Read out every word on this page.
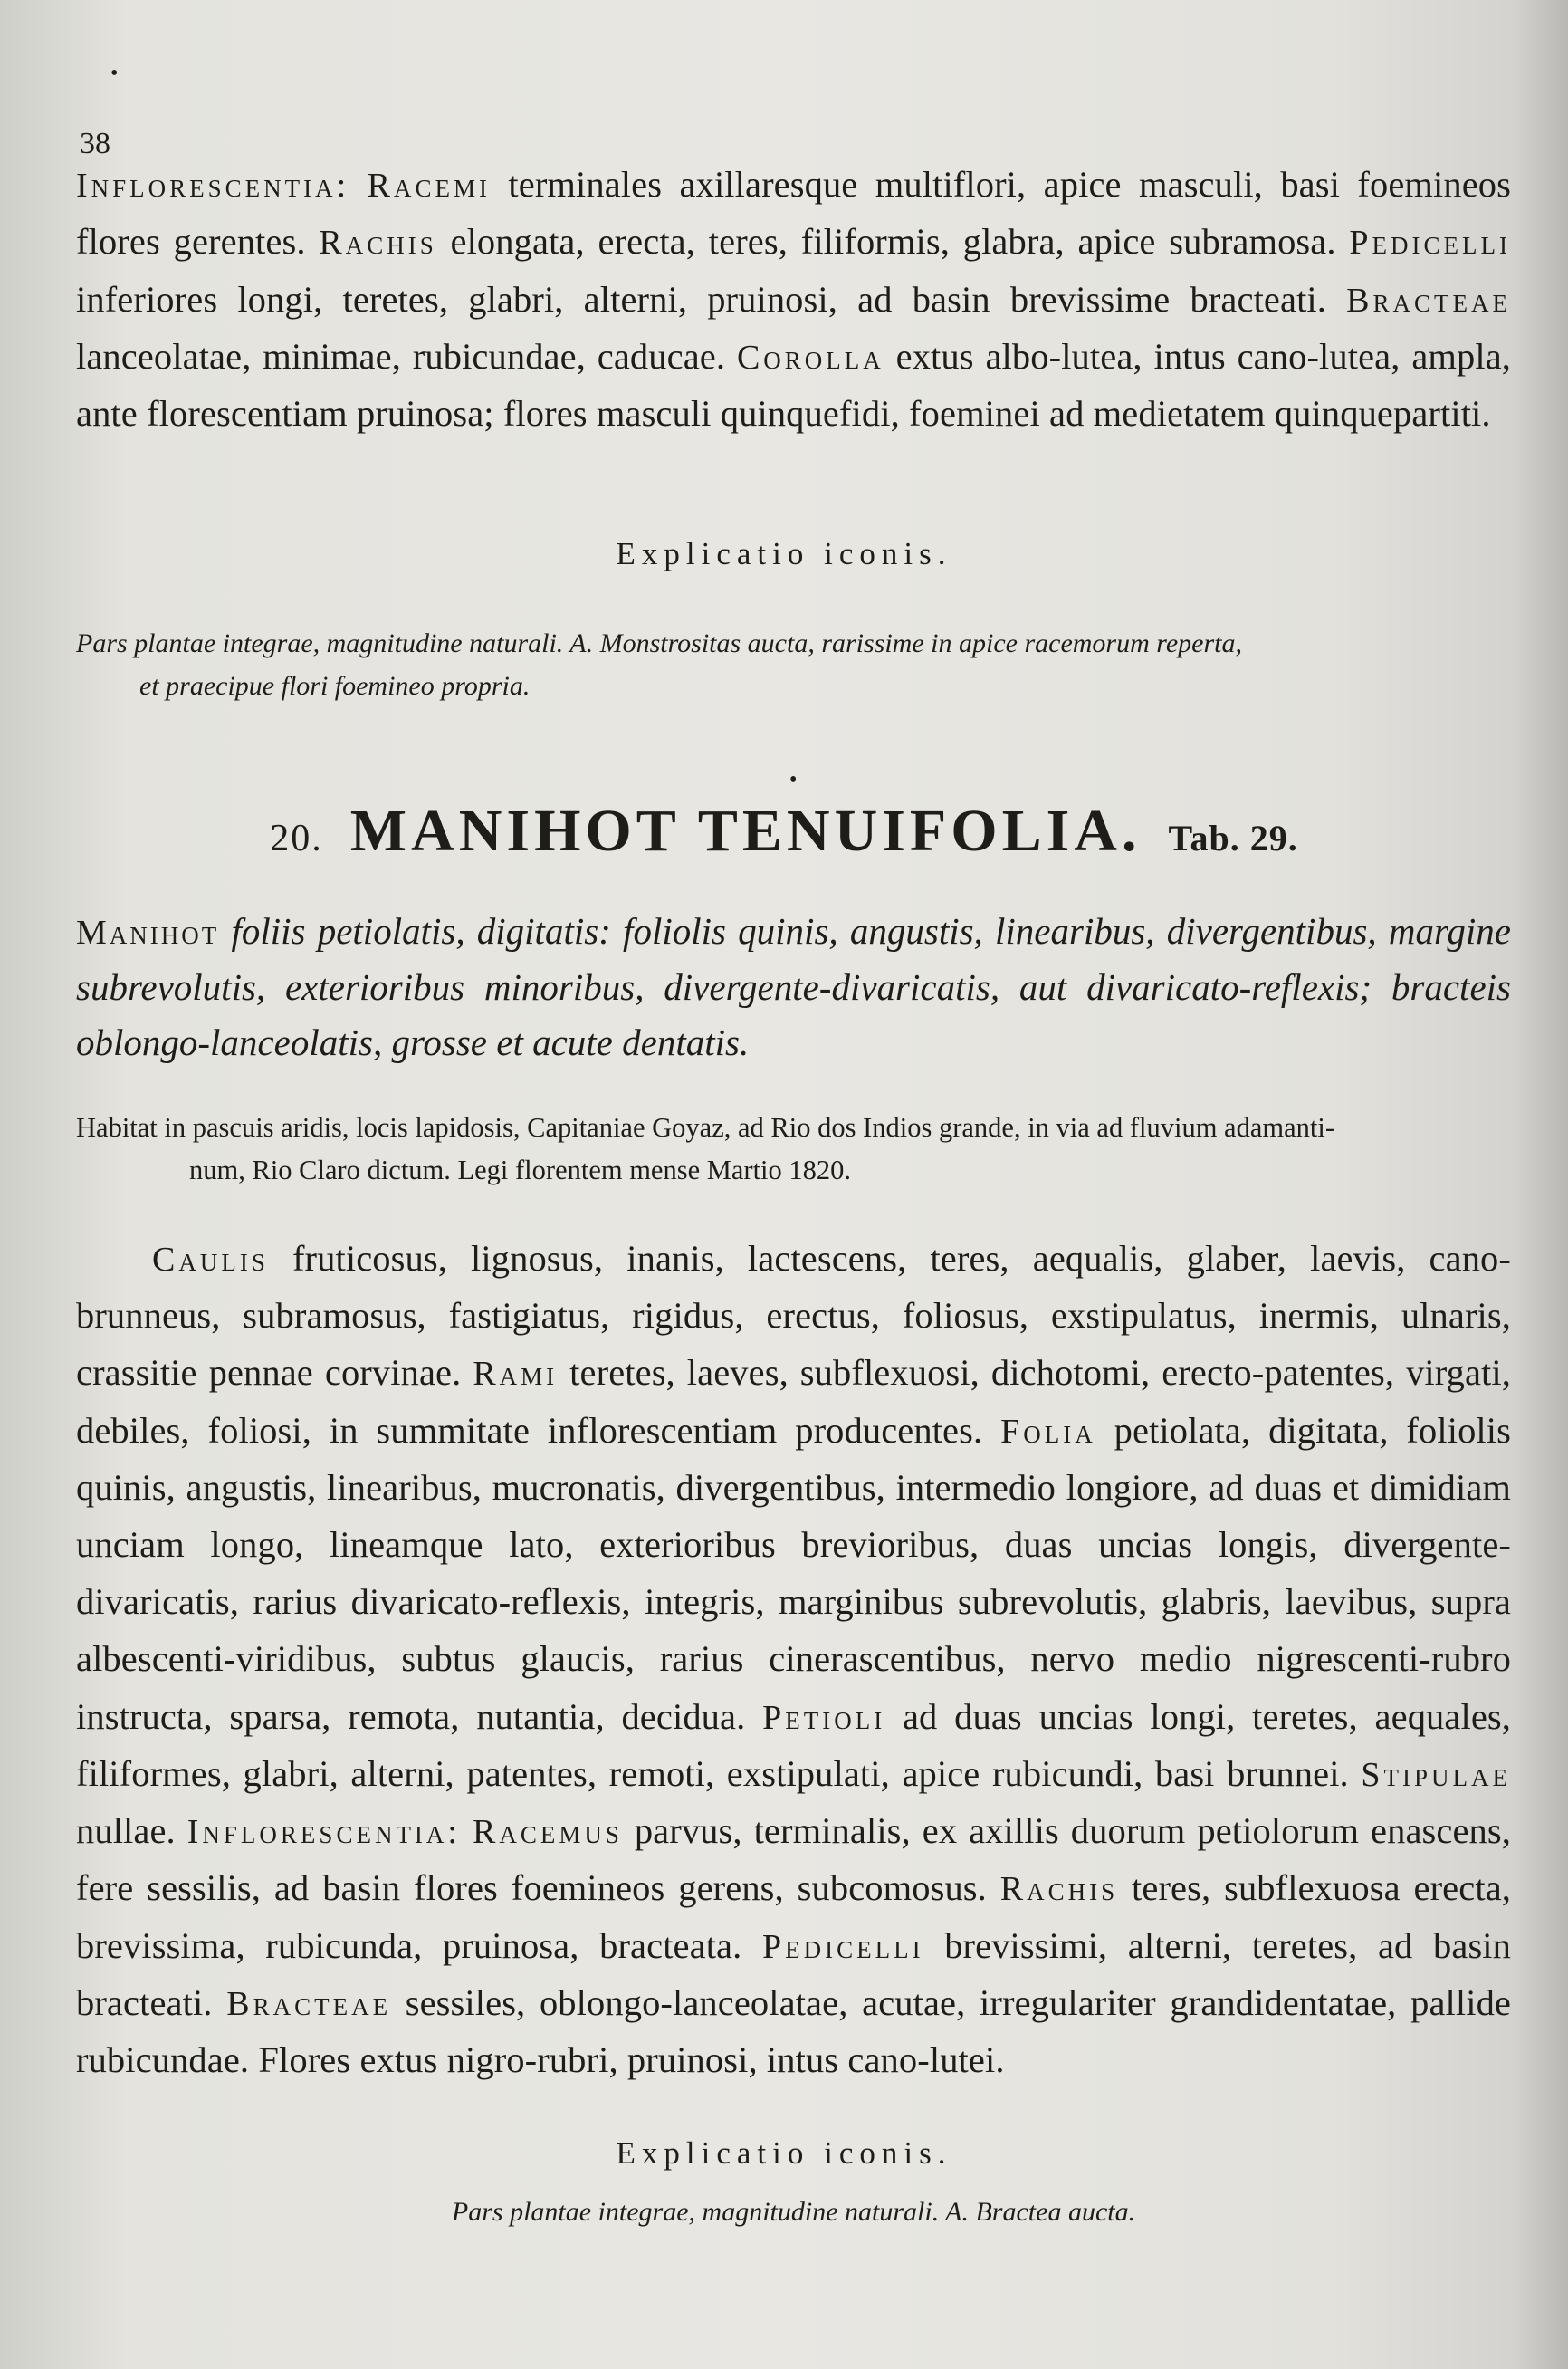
•
38
Inflorescentia: Racemi terminales axillaresque multiflori, apice masculi, basi foemineos flores gerentes. Rachis elongata, erecta, teres, filiformis, glabra, apice subramosa. Pedicelli inferiores longi, teretes, glabri, alterni, pruinosi, ad basin brevissime bracteati. Bracteae lanceolatae, minimae, rubicundae, caducae. Corolla extus albo-lutea, intus cano-lutea, ampla, ante florescentiam pruinosa; flores masculi quinquefidi, foeminei ad medietatem quinquepartiti.
Explicatio iconis.
Pars plantae integrae, magnitudine naturali. A. Monstrositas aucta, rarissime in apice racemorum reperta,
et praecipue flori foemineo propria.
•
20. MANIHOT TENUIFOLIA. Tab. 29.
Manihot foliis petiolatis, digitatis: foliolis quinis, angustis, linearibus, divergentibus, margine subrevolutis, exterioribus minoribus, divergente-divaricatis, aut divaricato-reflexis; bracteis oblongo-lanceolatis, grosse et acute dentatis.
Habitat in pascuis aridis, locis lapidosis, Capitaniae Goyaz, ad Rio dos Indios grande, in via ad fluvium adamanti-
num, Rio Claro dictum. Legi florentem mense Martio 1820.
Caulis fruticosus, lignosus, inanis, lactescens, teres, aequalis, glaber, laevis, cano-brunneus, subramosus, fastigiatus, rigidus, erectus, foliosus, exstipulatus, inermis, ulnaris, crassitie pennae corvinae. Rami teretes, laeves, subflexuosi, dichotomi, erecto-patentes, virgati, debiles, foliosi, in summitate inflorescentiam producentes. Folia petiolata, digitata, foliolis quinis, angustis, linearibus, mucronatis, divergentibus, intermedio longiore, ad duas et dimidiam unciam longo, lineamque lato, exterioribus brevioribus, duas uncias longis, divergente-divaricatis, rarius divaricato-reflexis, integris, marginibus subrevolutis, glabris, laevibus, supra albescenti-viridibus, subtus glaucis, rarius cinerascentibus, nervo medio nigrescenti-rubro instructa, sparsa, remota, nutantia, decidua. Petioli ad duas uncias longi, teretes, aequales, filiformes, glabri, alterni, patentes, remoti, exstipulati, apice rubicundi, basi brunnei. Stipulae nullae. Inflorescentia: Racemus parvus, terminalis, ex axillis duorum petiolorum enascens, fere sessilis, ad basin flores foemineos gerens, subcomosus. Rachis teres, subflexuosa erecta, brevissima, rubicunda, pruinosa, bracteata. Pedicelli brevissimi, alterni, teretes, ad basin bracteati. Bracteae sessiles, oblongo-lanceolatae, acutae, irregulariter grandidentatae, pallide rubicundae. Flores extus nigro-rubri, pruinosi, intus cano-lutei.
Explicatio iconis.
Pars plantae integrae, magnitudine naturali. A. Bractea aucta.
